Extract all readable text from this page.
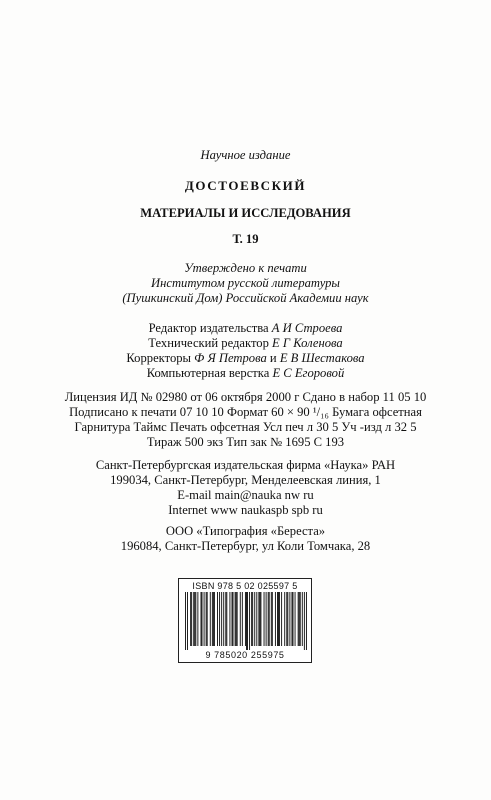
Научное издание
ДОСТОЕВСКИЙ
МАТЕРИАЛЫ И ИССЛЕДОВАНИЯ
Т. 19
Утверждено к печати
Институтом русской литературы
(Пушкинский Дом) Российской Академии наук
Редактор издательства А И Строева
Технический редактор Е Г Коленова
Корректоры Ф Я Петрова и Е В Шестакова
Компьютерная верстка Е С Егоровой
Лицензия ИД № 02980 от 06 октября 2000 г Сдано в набор 11 05 10
Подписано к печати 07 10 10 Формат 60 × 90 ¹/₁₆ Бумага офсетная
Гарнитура Таймс Печать офсетная Усл печ л 30 5 Уч -изд л 32 5
Тираж 500 экз Тип зак № 1695 С 193
Санкт-Петербургская издательская фирма «Наука» РАН
199034, Санкт-Петербург, Менделеевская линия, 1
E-mail main@nauka nw ru
Internet www naukaspb spb ru
ООО «Типография «Береста»
196084, Санкт-Петербург, ул Коли Томчака, 28
ISBN 978 5 02 025597 5
9 785020 255975
